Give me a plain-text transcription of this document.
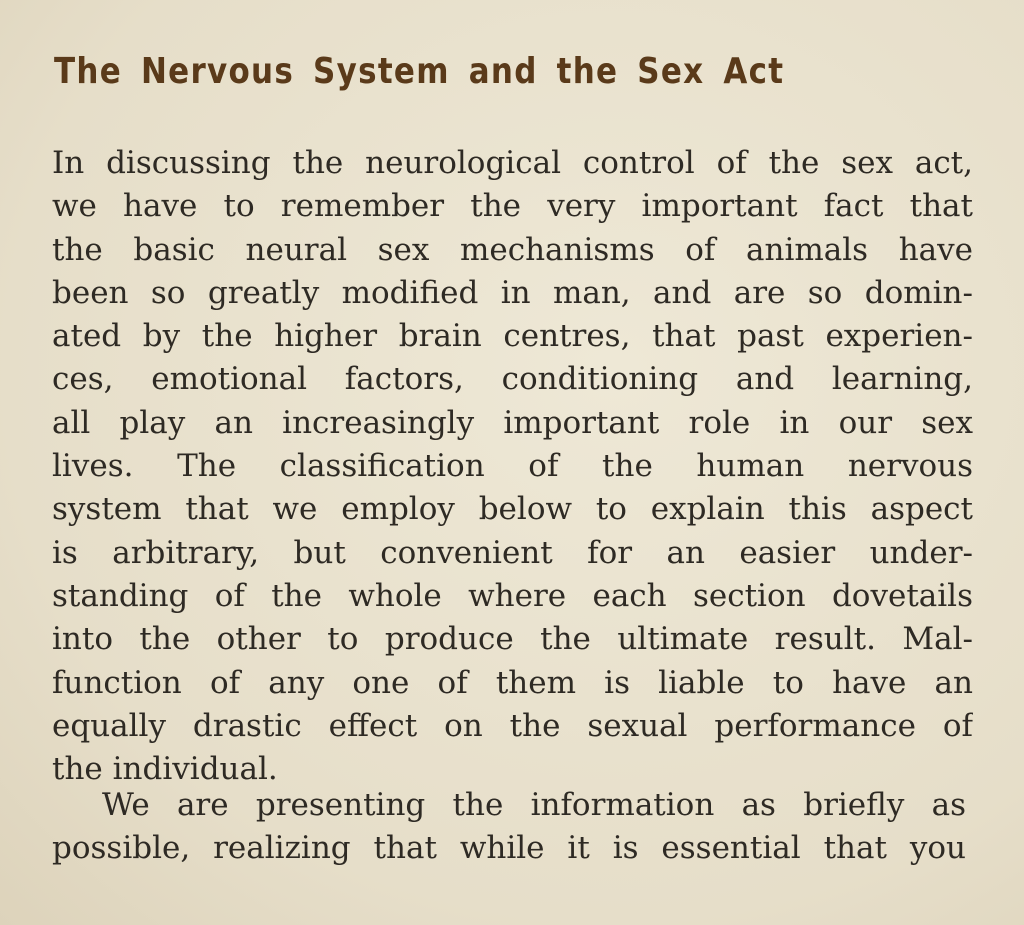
The Nervous System and the Sex Act
In discussing the neurological control of the sex act,
we have to remember the very important fact that
the basic neural sex mechanisms of animals have
been so greatly modified in man, and are so domin-
ated by the higher brain centres, that past experien-
ces, emotional factors, conditioning and learning,
all play an increasingly important role in our sex
lives. The classification of the human nervous
system that we employ below to explain this aspect
is arbitrary, but convenient for an easier under-
standing of the whole where each section dovetails
into the other to produce the ultimate result. Mal-
function of any one of them is liable to have an
equally drastic effect on the sexual performance of
the individual.
We are presenting the information as briefly as
possible, realizing that while it is essential that you
